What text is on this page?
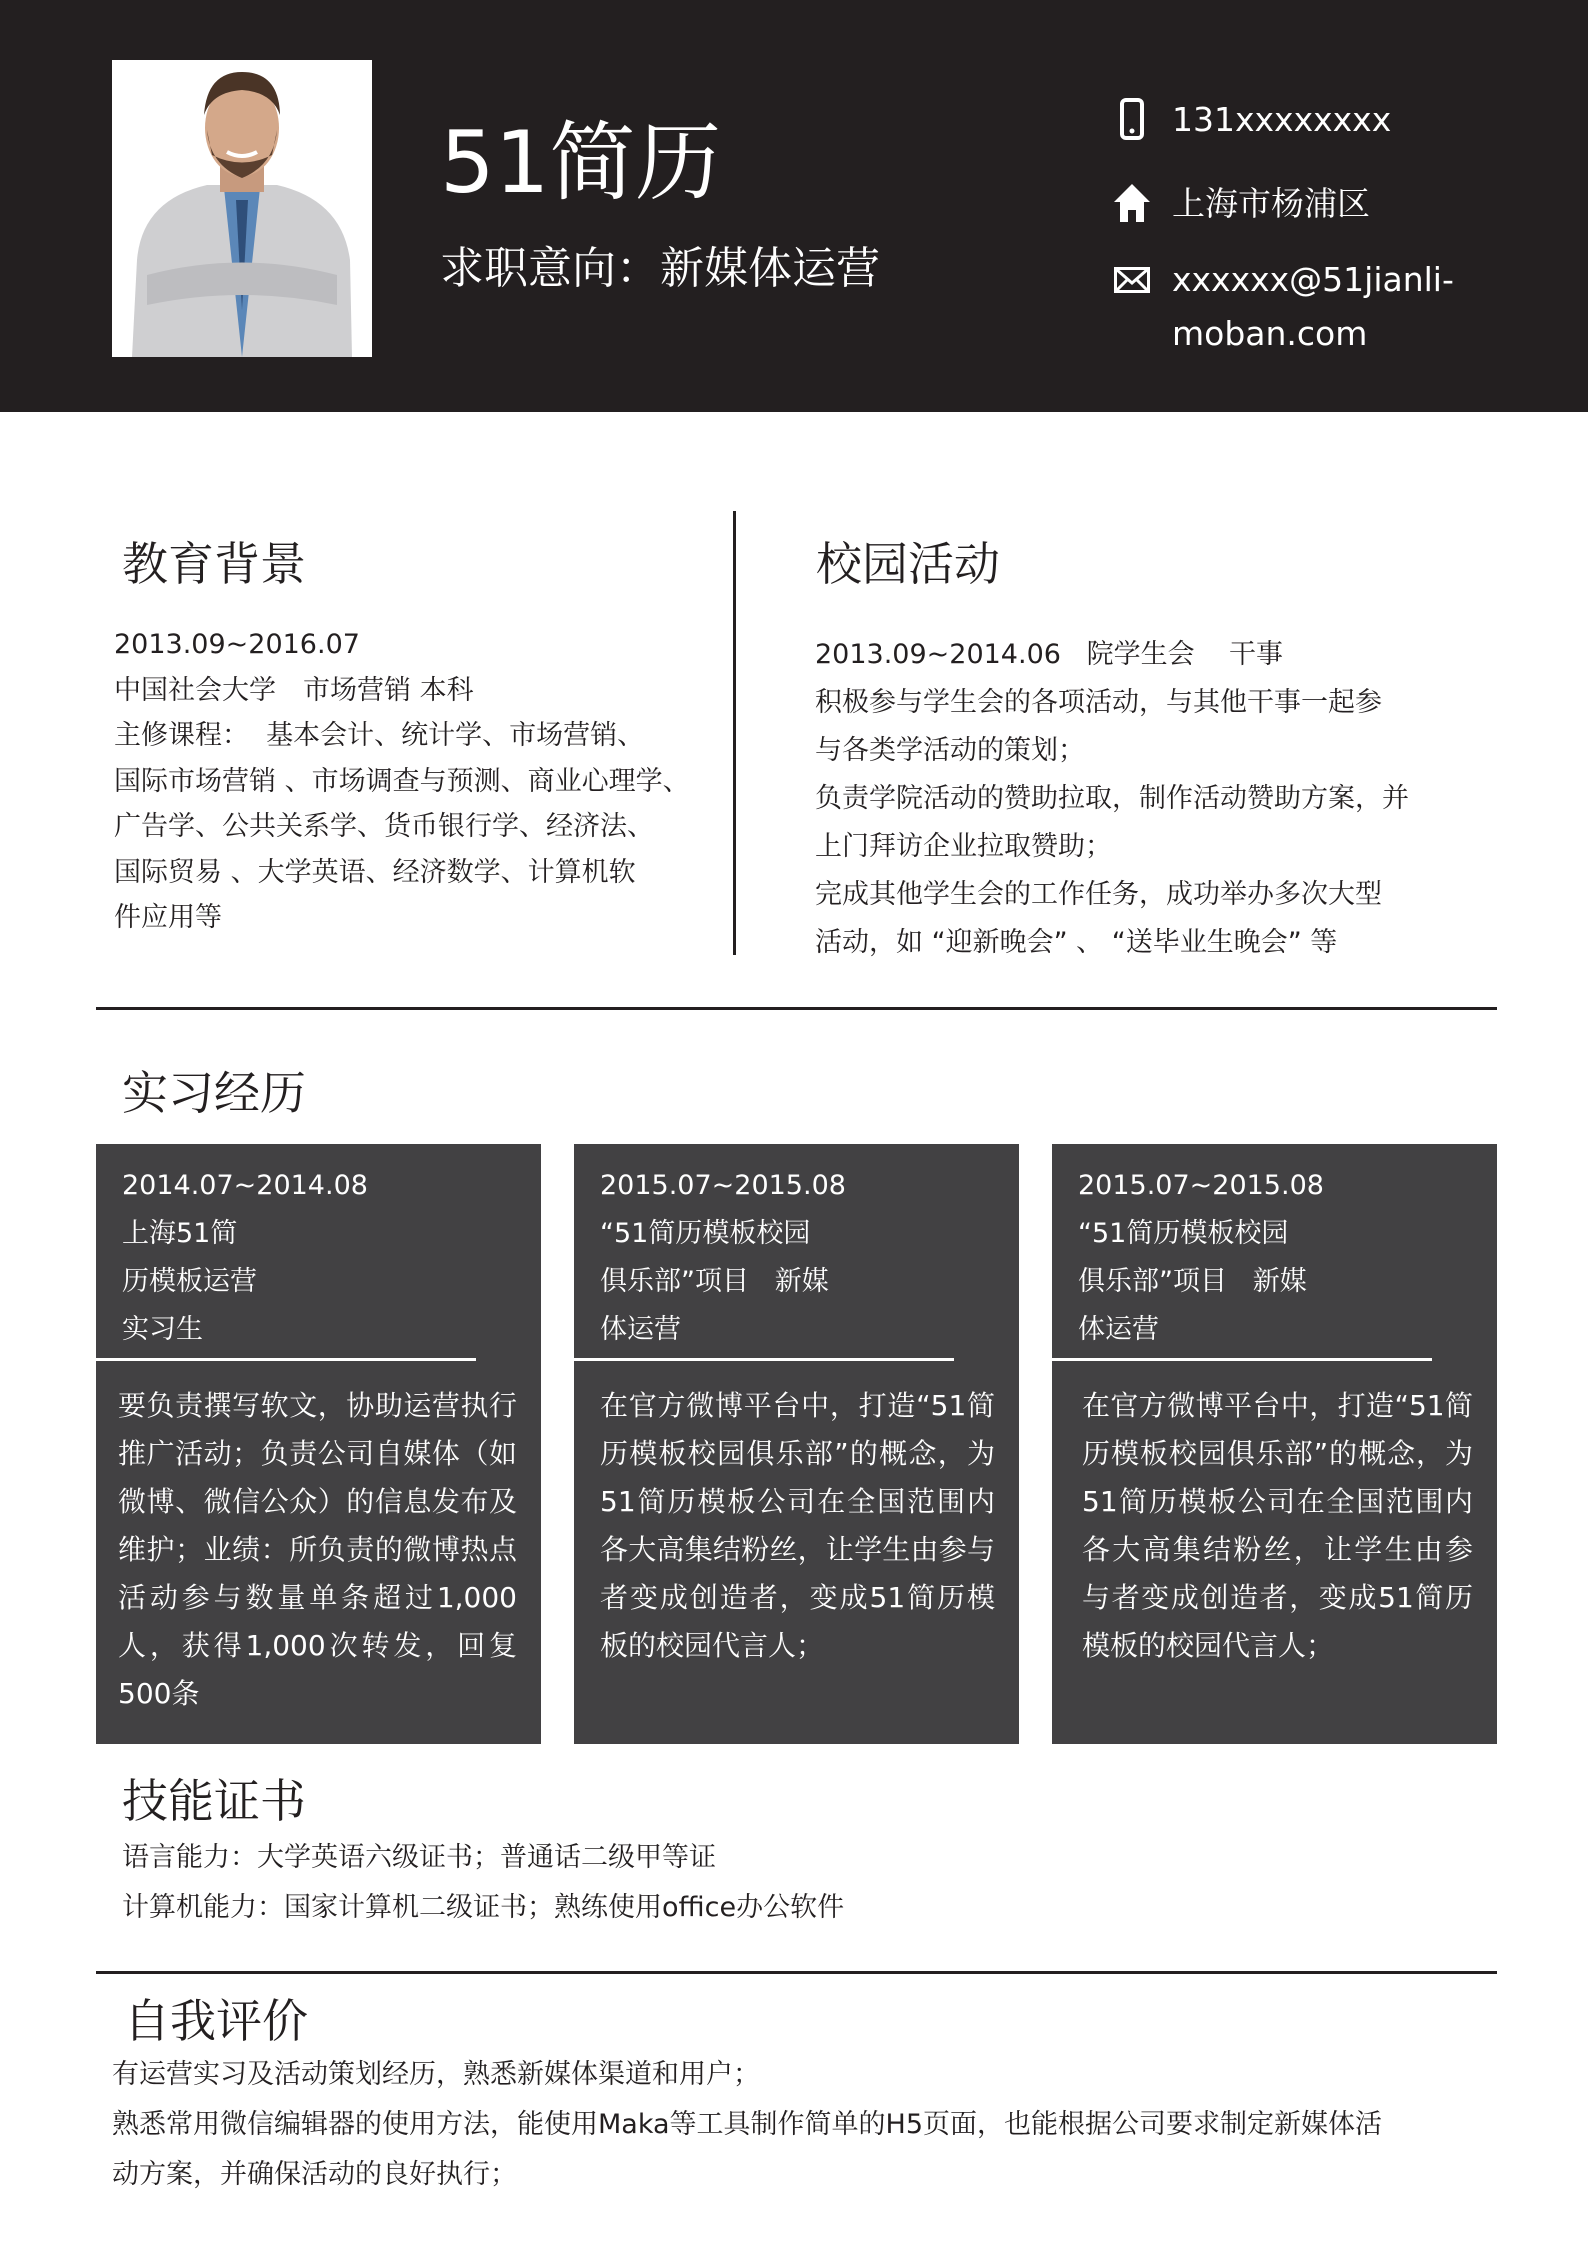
51简历
求职意向：新媒体运营
131xxxxxxxx
上海市杨浦区
xxxxxx@51jianli-
moban.com
教育背景
2013.09~2016.07
中国社会大学　市场营销 本科
主修课程：  基本会计、统计学、市场营销、
国际市场营销 、市场调查与预测、商业心理学、
广告学、公共关系学、货币银行学、经济法、
国际贸易 、大学英语、经济数学、计算机软
件应用等
校园活动
2013.09~2014.06   院学生会    干事
积极参与学生会的各项活动，与其他干事一起参
与各类学活动的策划；
负责学院活动的赞助拉取，制作活动赞助方案，并
上门拜访企业拉取赞助；
完成其他学生会的工作任务，成功举办多次大型
活动，如 “迎新晚会” 、 “送毕业生晚会” 等
实习经历
2014.07~2014.08
上海51简
历模板运营
实习生
要负责撰写软文，协助运营执行推广活动；负责公司自媒体（如微博、微信公众）的信息发布及维护；业绩：所负责的微博热点活动参与数量单条超过1,000人，获得1,000次转发，回复500条
2015.07~2015.08
“51简历模板校园
俱乐部”项目   新媒
体运营
在官方微博平台中，打造“51简历模板校园俱乐部”的概念，为51简历模板公司在全国范围内各大高集结粉丝，让学生由参与者变成创造者，变成51简历模板的校园代言人；
2015.07~2015.08
“51简历模板校园
俱乐部”项目   新媒
体运营
在官方微博平台中，打造“51简历模板校园俱乐部”的概念，为51简历模板公司在全国范围内各大高集结粉丝，让学生由参与者变成创造者，变成51简历模板的校园代言人；
技能证书
语言能力：大学英语六级证书；普通话二级甲等证
计算机能力：国家计算机二级证书；熟练使用office办公软件
自我评价
有运营实习及活动策划经历，熟悉新媒体渠道和用户；
熟悉常用微信编辑器的使用方法，能使用Maka等工具制作简单的H5页面，也能根据公司要求制定新媒体活
动方案，并确保活动的良好执行；
